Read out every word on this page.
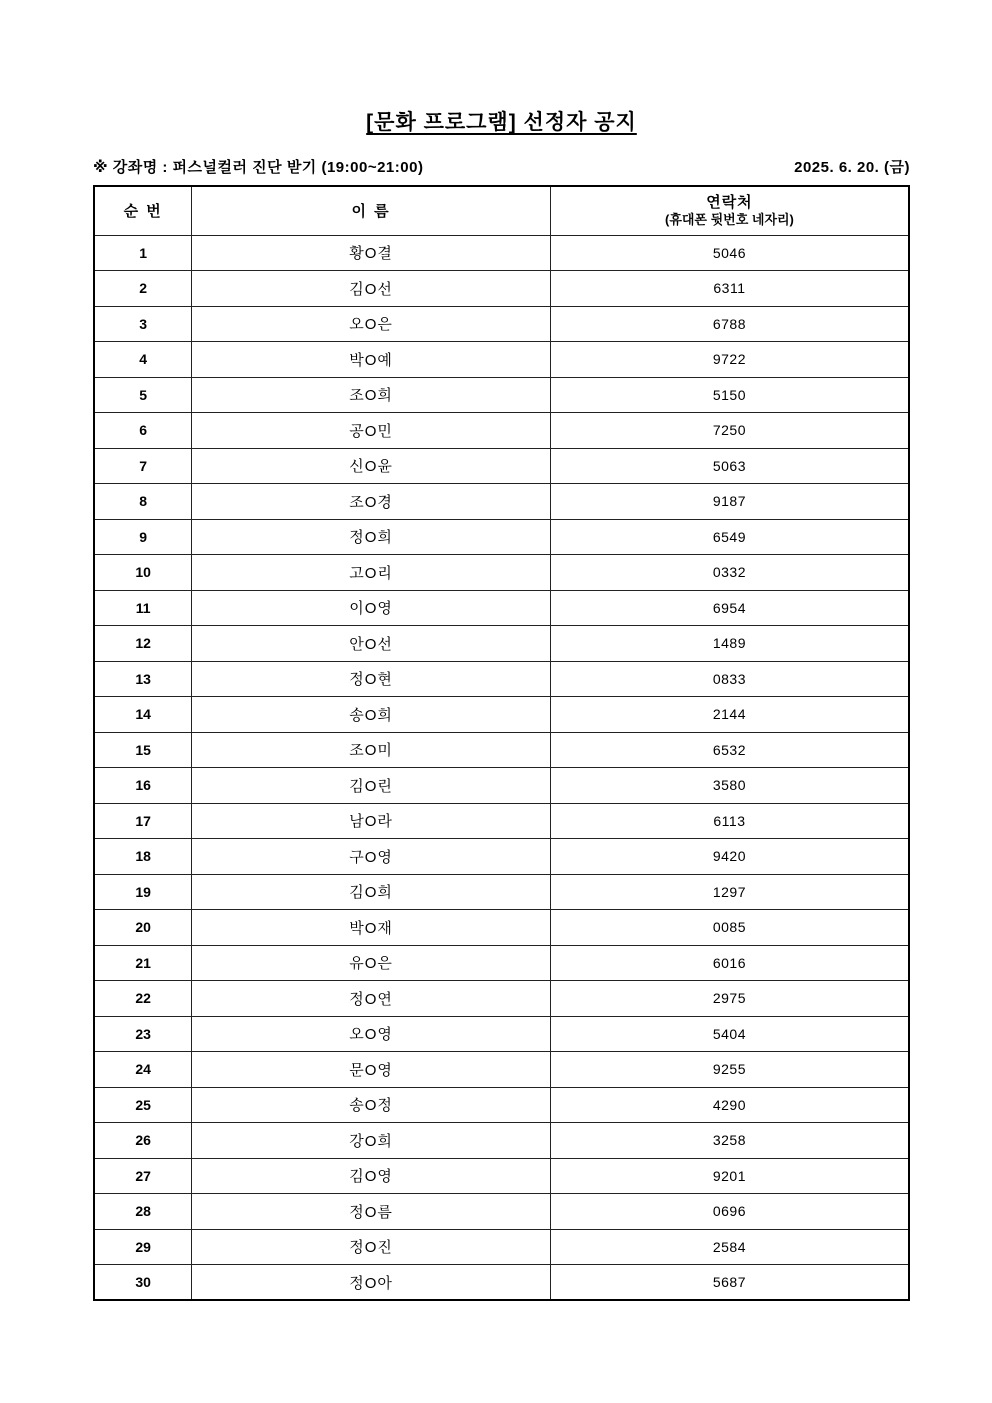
[문화 프로그램] 선정자 공지
※ 강좌명 : 퍼스널컬러 진단 받기 (19:00~21:00)	2025. 6. 20. (금)
순 번	이 름	연락처
(휴대폰 뒷번호 네자리)

1	황O결	5046
2	김O선	6311
3	오O은	6788
4	박O예	9722
5	조O희	5150
6	공O민	7250
7	신O윤	5063
8	조O경	9187
9	정O희	6549
10	고O리	0332
11	이O영	6954
12	안O선	1489
13	정O현	0833
14	송O희	2144
15	조O미	6532
16	김O린	3580
17	남O라	6113
18	구O영	9420
19	김O희	1297
20	박O재	0085
21	유O은	6016
22	정O연	2975
23	오O영	5404
24	문O영	9255
25	송O정	4290
26	강O희	3258
27	김O영	9201
28	정O름	0696
29	정O진	2584
30	정O아	5687
